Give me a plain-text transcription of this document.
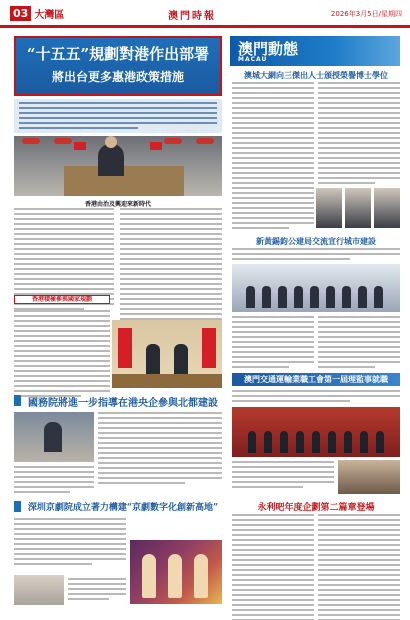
03 大灣區	澳門時報	2026年3月5日/星期四
“十五五”規劃對港作出部署
將出台更多惠港政策措施
香港由治及興迎來新時代
香港積極參與國家規劃
國務院將進一步指導在港央企參與北都建設
深圳京劇院成立著力構建“京劇數字化創新高地”
澳門動態
MACAU
澳城大網向三傑出人士頒授榮譽博士學位
新黃錫鈞公建局交流宣行城市建設
澳門交通運輸業職工會第一屆理監事就職
永利吧年度企劃第二篇章登場
